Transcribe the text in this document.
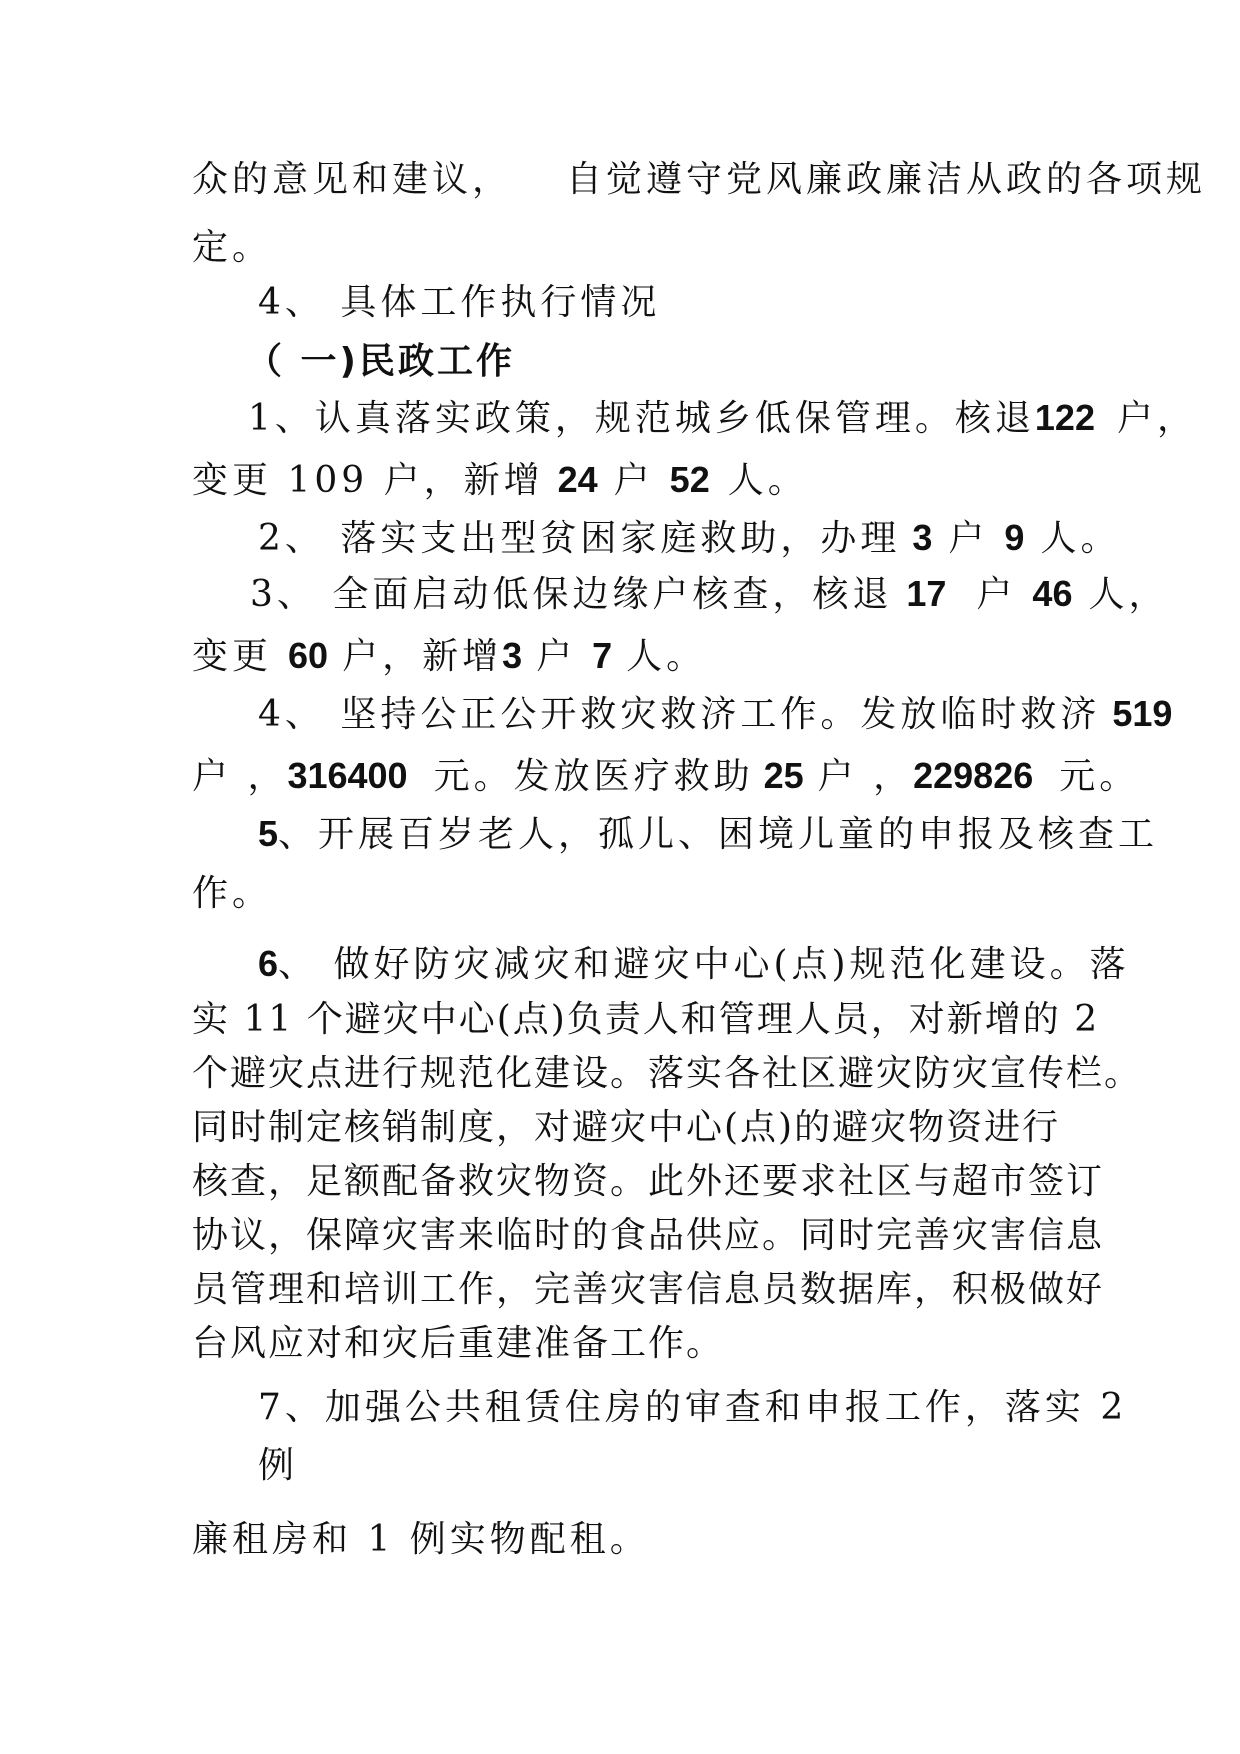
众的意见和建议， 自觉遵守党风廉政廉洁从政的各项规
定。
4、 具体工作执行情况
（ 一)民政工作
1、认真落实政策，规范城乡低保管理。核退122 户，
变更 109 户，新增 24 户 52 人。
2、 落实支出型贫困家庭救助，办理 3 户 9 人。
3、 全面启动低保边缘户核查，核退 17 户 46 人，
变更 60 户，新增3 户 7 人。
4、 坚持公正公开救灾救济工作。发放临时救济 519
户 ，316400 元。发放医疗救助 25 户 ，229826 元。
5、开展百岁老人，孤儿、困境儿童的申报及核查工
作。
6、 做好防灾减灾和避灾中心(点)规范化建设。落
实 11 个避灾中心(点)负责人和管理人员，对新增的 2
个避灾点进行规范化建设。落实各社区避灾防灾宣传栏。
同时制定核销制度，对避灾中心(点)的避灾物资进行
核查，足额配备救灾物资。此外还要求社区与超市签订
协议，保障灾害来临时的食品供应。同时完善灾害信息
员管理和培训工作，完善灾害信息员数据库，积极做好
台风应对和灾后重建准备工作。
7、加强公共租赁住房的审查和申报工作，落实 2
例
廉租房和 1 例实物配租。
